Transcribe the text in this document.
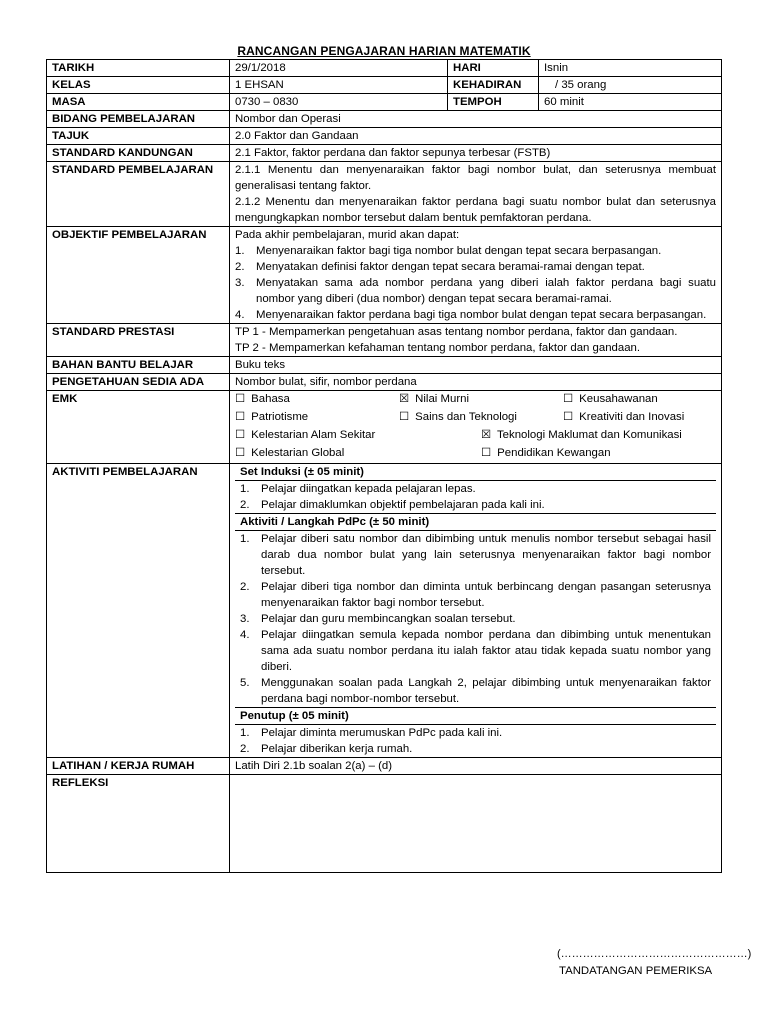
RANCANGAN PENGAJARAN HARIAN MATEMATIK
TARIKH	29/1/2018	HARI	Isnin
KELAS	1 EHSAN	KEHADIRAN	/ 35 orang
MASA	0730 – 0830	TEMPOH	60 minit
BIDANG PEMBELAJARAN	Nombor dan Operasi
TAJUK	2.0 Faktor dan Gandaan
STANDARD KANDUNGAN	2.1 Faktor, faktor perdana dan faktor sepunya terbesar (FSTB)
STANDARD PEMBELAJARAN	2.1.1 Menentu dan menyenaraikan faktor bagi nombor bulat, dan seterusnya membuat generalisasi tentang faktor.
2.1.2 Menentu dan menyenaraikan faktor perdana bagi suatu nombor bulat dan seterusnya mengungkapkan nombor tersebut dalam bentuk pemfaktoran perdana.

OBJEKTIF PEMBELAJARAN	Pada akhir pembelajaran, murid akan dapat:
1. Menyenaraikan faktor bagi tiga nombor bulat dengan tepat secara berpasangan.
2. Menyatakan definisi faktor dengan tepat secara beramai-ramai dengan tepat.
3. Menyatakan sama ada nombor perdana yang diberi ialah faktor perdana bagi suatu nombor yang diberi (dua nombor) dengan tepat secara beramai-ramai.
4. Menyenaraikan faktor perdana bagi tiga nombor bulat dengan tepat secara berpasangan.

STANDARD PRESTASI	TP 1 - Mempamerkan pengetahuan asas tentang nombor perdana, faktor dan gandaan.
TP 2 - Mempamerkan kefahaman tentang nombor perdana, faktor dan gandaan.

BAHAN BANTU BELAJAR	Buku teks
PENGETAHUAN SEDIA ADA	Nombor bulat, sifir, nombor perdana
EMK	☐ Bahasa	☒ Nilai Murni	☐ Keusahawanan
☐ Patriotisme	☐ Sains dan Teknologi	☐ Kreativiti dan Inovasi
☐ Kelestarian Alam Sekitar	☒ Teknologi Maklumat dan Komunikasi
☐ Kelestarian Global	☐ Pendidikan Kewangan

AKTIVITI PEMBELAJARAN		Set Induksi (± 05 minit)

1. Pelajar diingatkan kepada pelajaran lepas.
2. Pelajar dimaklumkan objektif pembelajaran pada kali ini.

Aktiviti / Langkah PdPc (± 50 minit)

1. Pelajar diberi satu nombor dan dibimbing untuk menulis nombor tersebut sebagai hasil darab dua nombor bulat yang lain seterusnya menyenaraikan faktor bagi nombor tersebut.
2. Pelajar diberi tiga nombor dan diminta untuk berbincang dengan pasangan seterusnya menyenaraikan faktor bagi nombor tersebut.
3. Pelajar dan guru membincangkan soalan tersebut.
4. Pelajar diingatkan semula kepada nombor perdana dan dibimbing untuk menentukan sama ada suatu nombor perdana itu ialah faktor atau tidak kepada suatu nombor yang diberi.
5. Menggunakan soalan pada Langkah 2, pelajar dibimbing untuk menyenaraikan faktor perdana bagi nombor-nombor tersebut.

Penutup (± 05 minit)

1. Pelajar diminta merumuskan PdPc pada kali ini.
2. Pelajar diberikan kerja rumah.

LATIHAN / KERJA RUMAH	Latih Diri 2.1b soalan 2(a) – (d)
REFLEKSI	
(……………………………………………)
TANDATANGAN PEMERIKSA
